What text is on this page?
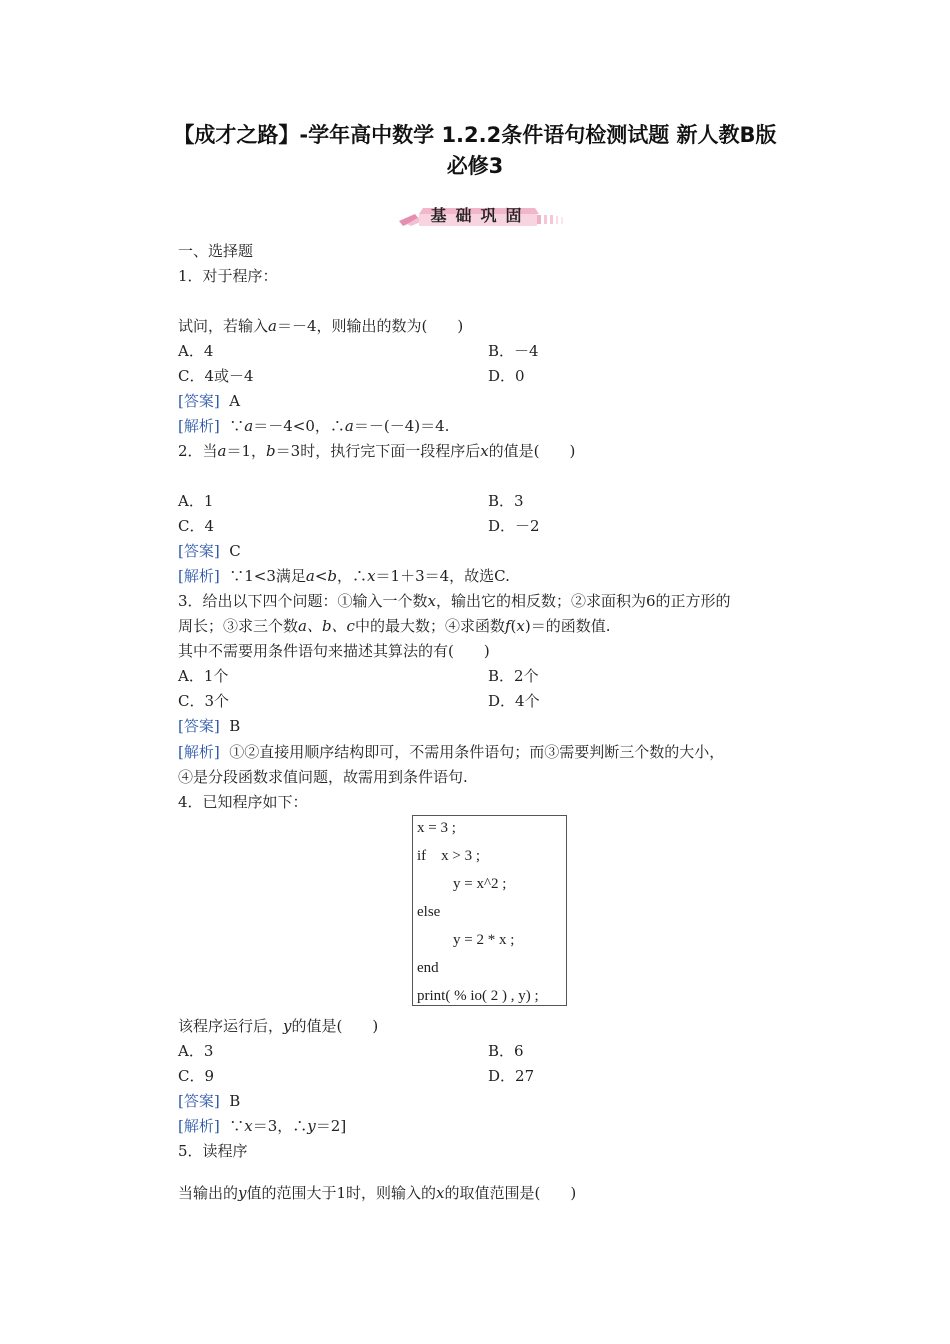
【成才之路】-学年高中数学 1.2.2条件语句检测试题 新人教B版
必修3
基础巩固
一、选择题
1．对于程序：
试问，若输入a＝－4，则输出的数为(　　)
A．4	B．－4
C．4或－4	D．0
[答案] A
[解析] ∵a＝－4<0，∴a＝－(－4)＝4.
2．当a＝1，b＝3时，执行完下面一段程序后x的值是(　　)
A．1	B．3
C．4	D．－2
[答案] C
[解析] ∵1<3满足a<b，∴x＝1＋3＝4，故选C.
3．给出以下四个问题：①输入一个数x，输出它的相反数；②求面积为6的正方形的
周长；③求三个数a、b、c中的最大数；④求函数f(x)＝的函数值.
其中不需要用条件语句来描述其算法的有(　　)
A．1个	B．2个
C．3个	D．4个
[答案] B
[解析] ①②直接用顺序结构即可，不需用条件语句；而③需要判断三个数的大小，
④是分段函数求值问题，故需用到条件语句.
4．已知程序如下：
x = 3 ;
if    x > 3 ;
y = x^2 ;
else
y = 2 * x ;
end
print( % io( 2 ) , y) ;
该程序运行后，y的值是(　　)
A．3	B．6
C．9	D．27
[答案] B
[解析] ∵x＝3，∴y＝2]
5．读程序
当输出的y值的范围大于1时，则输入的x的取值范围是(　　)
